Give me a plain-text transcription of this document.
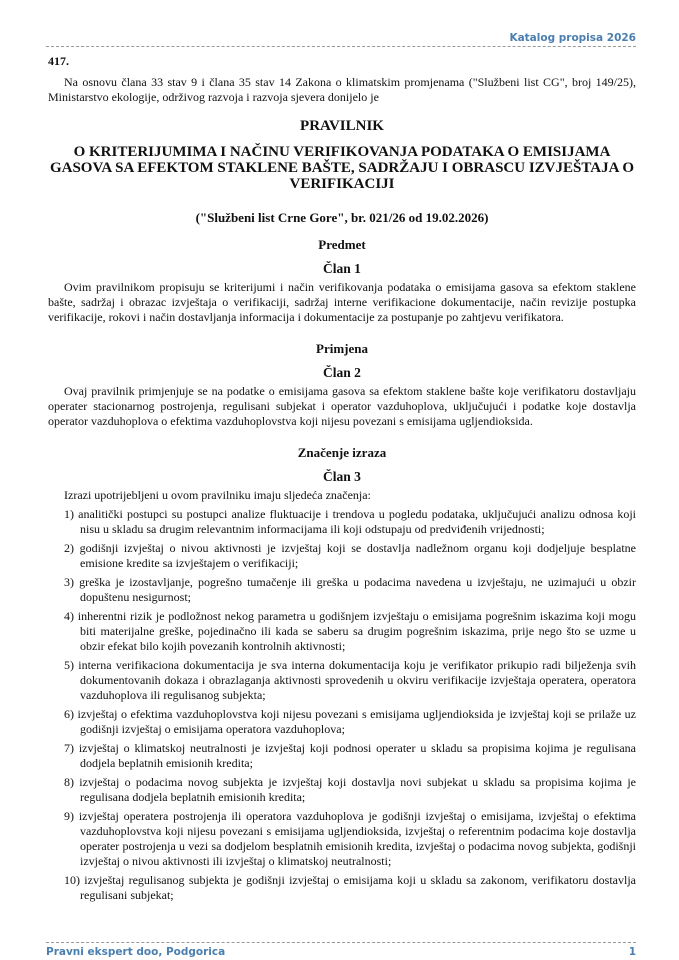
Katalog propisa 2026

417.

Na osnovu člana 33 stav 9 i člana 35 stav 14 Zakona o klimatskim promjenama ("Službeni list CG", broj 149/25), Ministarstvo ekologije, održivog razvoja i razvoja sjevera donijelo je

PRAVILNIK

O KRITERIJUMIMA I NAČINU VERIFIKOVANJA PODATAKA O EMISIJAMA GASOVA SA EFEKTOM STAKLENE BAŠTE, SADRŽAJU I OBRASCU IZVJEŠTAJA O VERIFIKACIJI

("Službeni list Crne Gore", br. 021/26 od 19.02.2026)

Predmet

Član 1

Ovim pravilnikom propisuju se kriterijumi i način verifikovanja podataka o emisijama gasova sa efektom staklene bašte, sadržaj i obrazac izvještaja o verifikaciji, sadržaj interne verifikacione dokumentacije, način revizije postupka verifikacije, rokovi i način dostavljanja informacija i dokumentacije za postupanje po zahtjevu verifikatora.

Primjena

Član 2

Ovaj pravilnik primjenjuje se na podatke o emisijama gasova sa efektom staklene bašte koje verifikatoru dostavljaju operater stacionarnog postrojenja, regulisani subjekat i operator vazduhoplova, uključujući i podatke koje dostavlja operator vazduhoplova o efektima vazduhoplovstva koji nijesu povezani s emisijama ugljendioksida.

Značenje izraza

Član 3

Izrazi upotrijebljeni u ovom pravilniku imaju sljedeća značenja:

1) analitički postupci su postupci analize fluktuacije i trendova u pogledu podataka, uključujući analizu odnosa koji nisu u skladu sa drugim relevantnim informacijama ili koji odstupaju od predviđenih vrijednosti;
2) godišnji izvještaj o nivou aktivnosti je izvještaj koji se dostavlja nadležnom organu koji dodjeljuje besplatne emisione kredite sa izvještajem o verifikaciji;
3) greška je izostavljanje, pogrešno tumačenje ili greška u podacima navedena u izvještaju, ne uzimajući u obzir dopuštenu nesigurnost;
4) inherentni rizik je podložnost nekog parametra u godišnjem izvještaju o emisijama pogrešnim iskazima koji mogu biti materijalne greške, pojedinačno ili kada se saberu sa drugim pogrešnim iskazima, prije nego što se uzme u obzir efekat bilo kojih povezanih kontrolnih aktivnosti;
5) interna verifikaciona dokumentacija je sva interna dokumentacija koju je verifikator prikupio radi bilježenja svih dokumentovanih dokaza i obrazlaganja aktivnosti sprovedenih u okviru verifikacije izvještaja operatera, operatora vazduhoplova ili regulisanog subjekta;
6) izvještaj o efektima vazduhoplovstva koji nijesu povezani s emisijama ugljendioksida je izvještaj koji se prilaže uz godišnji izvještaj o emisijama operatora vazduhoplova;
7) izvještaj o klimatskoj neutralnosti je izvještaj koji podnosi operater u skladu sa propisima kojima je regulisana dodjela beplatnih emisionih kredita;
8) izvještaj o podacima novog subjekta je izvještaj koji dostavlja novi subjekat u skladu sa propisima kojima je regulisana dodjela beplatnih emisionih kredita;
9) izvještaj operatera postrojenja ili operatora vazduhoplova je godišnji izvještaj o emisijama, izvještaj o efektima vazduhoplovstva koji nijesu povezani s emisijama ugljendioksida, izvještaj o referentnim podacima koje dostavlja operater postrojenja u vezi sa dodjelom besplatnih emisionih kredita, izvještaj o podacima novog subjekta, godišnji izvještaj o nivou aktivnosti ili izvještaj o klimatskoj neutralnosti;
10) izvještaj regulisanog subjekta je godišnji izvještaj o emisijama koji u skladu sa zakonom, verifikatoru dostavlja regulisani subjekat;
Pravni ekspert doo, Podgorica	1
